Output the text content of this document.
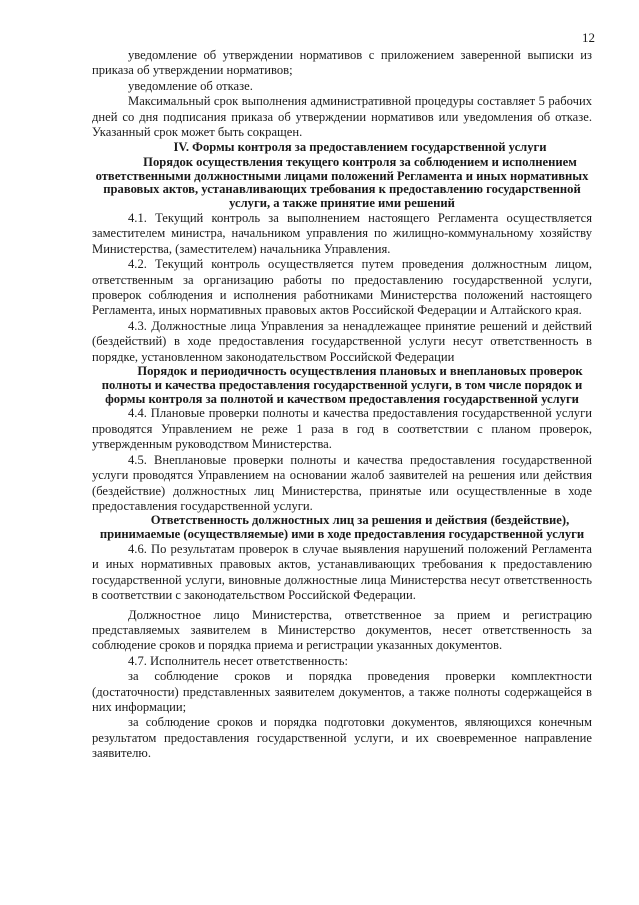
12

уведомление об утверждении нормативов с приложением заверенной выписки из приказа об утверждении нормативов;

уведомление об отказе.

Максимальный срок выполнения административной процедуры составляет 5 рабочих дней со дня подписания приказа об утверждении нормативов или уведомления об отказе. Указанный срок может быть сокращен.

IV. Формы контроля за предоставлением государственной услуги

Порядок осуществления текущего контроля за соблюдением и исполнением ответственными должностными лицами положений Регламента и иных нормативных правовых актов, устанавливающих требования к предоставлению государственной услуги, а также принятие ими решений

4.1. Текущий контроль за выполнением настоящего Регламента осуществляется заместителем министра, начальником управления по жилищно-коммунальному хозяйству Министерства, (заместителем) начальника Управления.

4.2. Текущий контроль осуществляется путем проведения должностным лицом, ответственным за организацию работы по предоставлению государственной услуги, проверок соблюдения и исполнения работниками Министерства положений настоящего Регламента, иных нормативных правовых актов Российской Федерации и Алтайского края.

4.3. Должностные лица Управления за ненадлежащее принятие решений и действий (бездействий) в ходе предоставления государственной услуги несут ответственность в порядке, установленном законодательством Российской Федерации

Порядок и периодичность осуществления плановых и внеплановых проверок полноты и качества предоставления государственной услуги, в том числе порядок и формы контроля за полнотой и качеством предоставления государственной услуги

4.4. Плановые проверки полноты и качества предоставления государственной услуги проводятся Управлением не реже 1 раза в год в соответствии с планом проверок, утвержденным руководством Министерства.

4.5. Внеплановые проверки полноты и качества предоставления государственной услуги проводятся Управлением на основании жалоб заявителей на решения или действия (бездействие) должностных лиц Министерства, принятые или осуществленные в ходе предоставления государственной услуги.

Ответственность должностных лиц за решения и действия (бездействие), принимаемые (осуществляемые) ими в ходе предоставления государственной услуги

4.6. По результатам проверок в случае выявления нарушений положений Регламента и иных нормативных правовых актов, устанавливающих требования к предоставлению государственной услуги, виновные должностные лица Министерства несут ответственность в соответствии с законодательством Российской Федерации.

Должностное лицо Министерства, ответственное за прием и регистрацию представляемых заявителем в Министерство документов, несет ответственность за соблюдение сроков и порядка приема и регистрации указанных документов.

4.7. Исполнитель несет ответственность:

за соблюдение сроков и порядка проведения проверки комплектности (достаточности) представленных заявителем документов, а также полноты содержащейся в них информации;

за соблюдение сроков и порядка подготовки документов, являющихся конечным результатом предоставления государственной услуги, и их своевременное направление заявителю.
